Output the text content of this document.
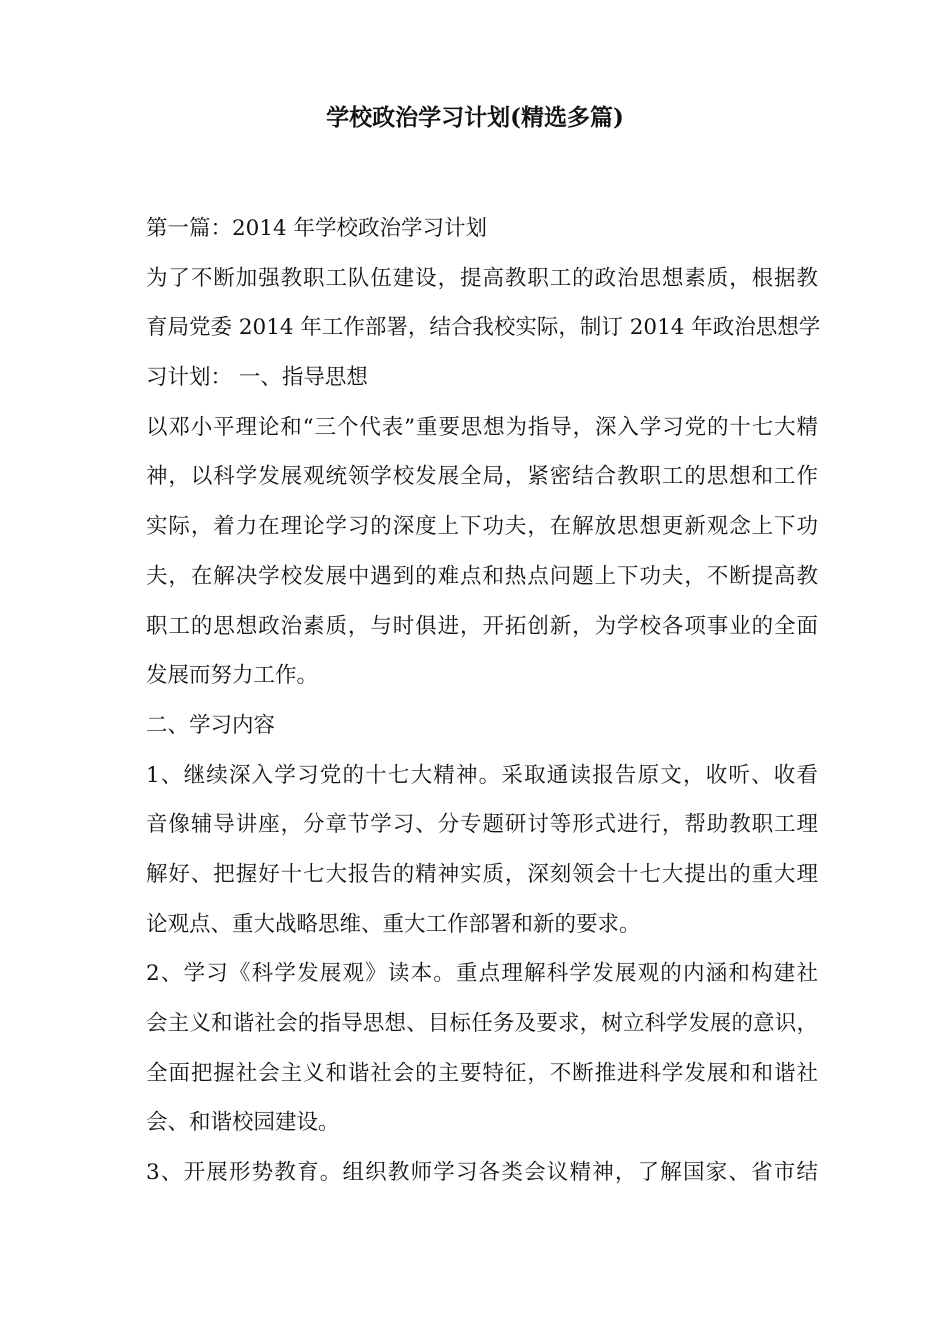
学校政治学习计划(精选多篇)

第一篇：2014 年学校政治学习计划

为了不断加强教职工队伍建设，提高教职工的政治思想素质，根据教

育局党委 2014 年工作部署，结合我校实际，制订 2014 年政治思想学

习计划： 一、指导思想

以邓小平理论和“三个代表”重要思想为指导，深入学习党的十七大精

神，以科学发展观统领学校发展全局，紧密结合教职工的思想和工作

实际，着力在理论学习的深度上下功夫，在解放思想更新观念上下功

夫，在解决学校发展中遇到的难点和热点问题上下功夫，不断提高教

职工的思想政治素质，与时俱进，开拓创新，为学校各项事业的全面

发展而努力工作。

二、学习内容

1、继续深入学习党的十七大精神。采取通读报告原文，收听、收看

音像辅导讲座，分章节学习、分专题研讨等形式进行，帮助教职工理

解好、把握好十七大报告的精神实质，深刻领会十七大提出的重大理

论观点、重大战略思维、重大工作部署和新的要求。

2、学习《科学发展观》读本。重点理解科学发展观的内涵和构建社

会主义和谐社会的指导思想、目标任务及要求，树立科学发展的意识，

全面把握社会主义和谐社会的主要特征，不断推进科学发展和和谐社

会、和谐校园建设。

3、开展形势教育。组织教师学习各类会议精神，了解国家、省市结
